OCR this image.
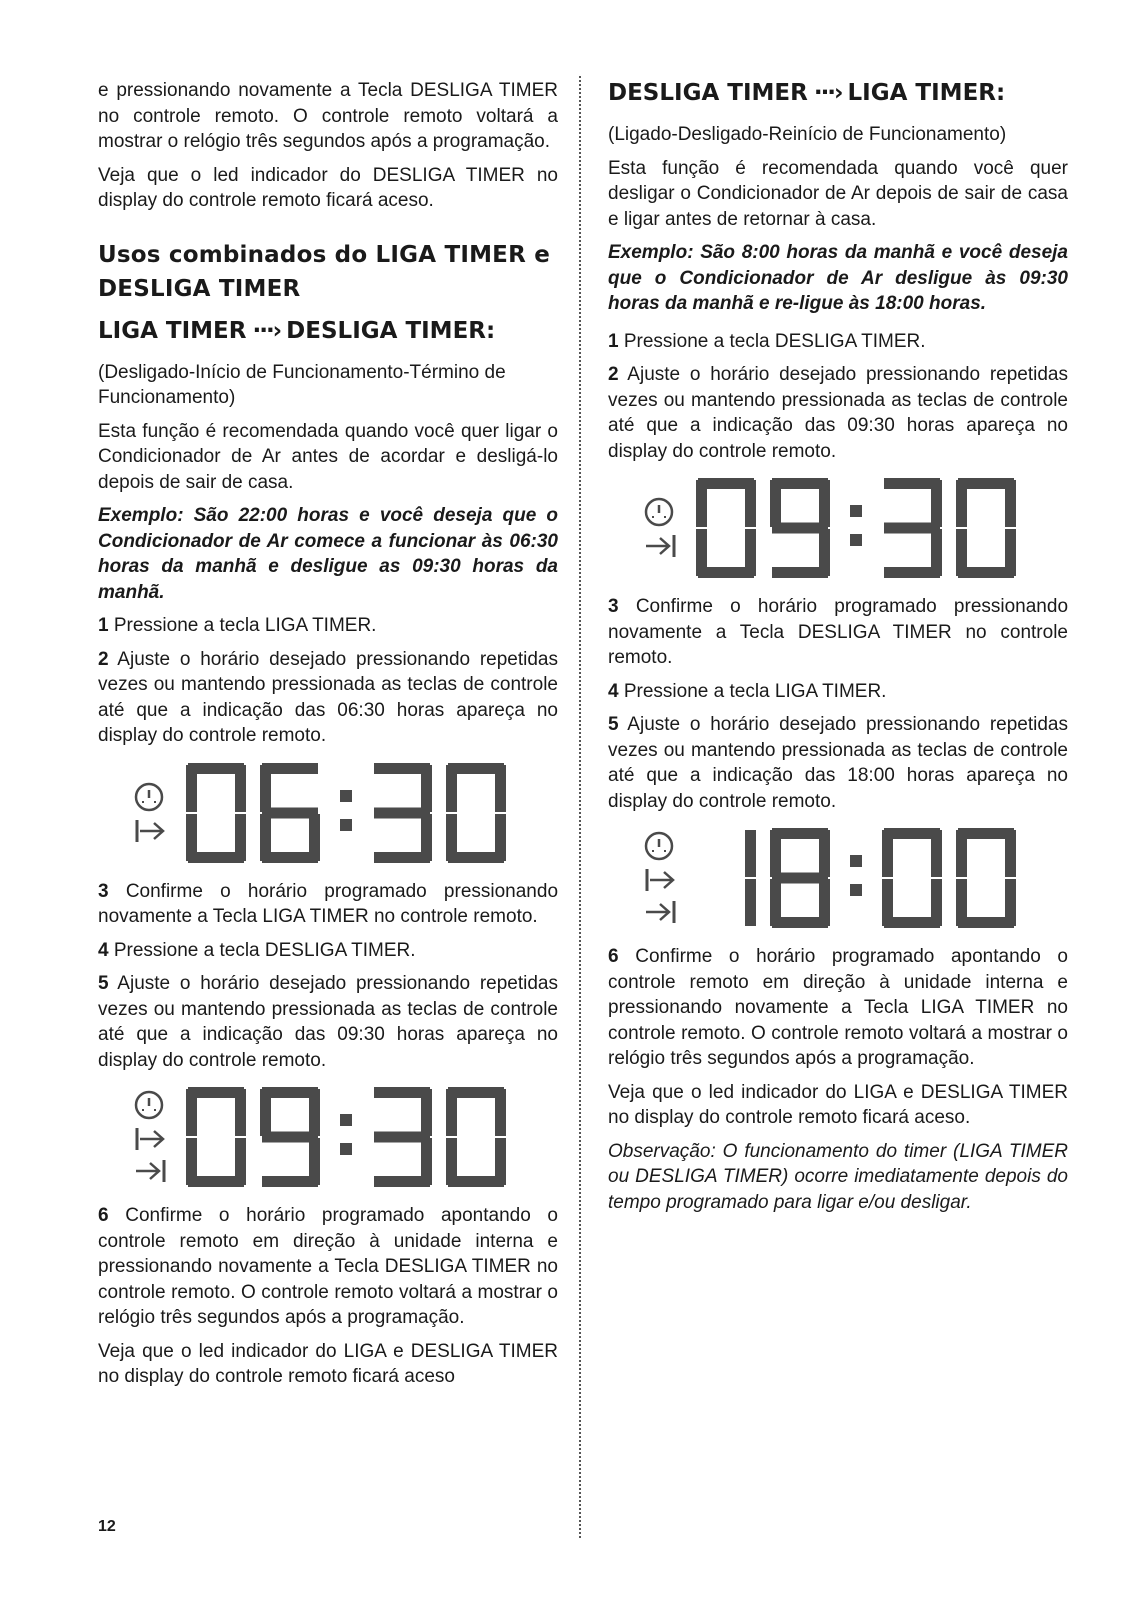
e pressionando novamente a Tecla DESLIGA TIMER no controle remoto. O controle remoto voltará a mostrar o relógio três segundos após a programação.

Veja que o led indicador do DESLIGA TIMER no display do controle remoto ficará aceso.

Usos combinados do LIGA TIMER e DESLIGA TIMER
LIGA TIMER ···› DESLIGA TIMER:

(Desligado-Início de Funcionamento-Término de Funcionamento)

Esta função é recomendada quando você quer ligar o Condicionador de Ar antes de acordar e desligá-lo depois de sair de casa.

Exemplo: São 22:00 horas e você deseja que o Condicionador de Ar comece a funcionar às 06:30 horas da manhã e desligue as 09:30 horas da manhã.

1 Pressione a tecla LIGA TIMER.

2 Ajuste o horário desejado pressionando repetidas vezes ou mantendo pressionada as teclas de controle até que a indicação das 06:30 horas apareça no display do controle remoto.

3 Confirme o horário programado pressionando novamente a Tecla LIGA TIMER no controle remoto.

4 Pressione a tecla DESLIGA TIMER.

5 Ajuste o horário desejado pressionando repetidas vezes ou mantendo pressionada as teclas de controle até que a indicação das 09:30 horas apareça no display do controle remoto.

6 Confirme o horário programado apontando o controle remoto em direção à unidade interna e pressionando novamente a Tecla DESLIGA TIMER no controle remoto. O controle remoto voltará a mostrar o relógio três segundos após a programação.

Veja que o led indicador do LIGA e DESLIGA TIMER no display do controle remoto ficará aceso

DESLIGA TIMER ···› LIGA TIMER:

(Ligado-Desligado-Reinício de Funcionamento)

Esta função é recomendada quando você quer desligar o Condicionador de Ar depois de sair de casa e ligar antes de retornar à casa.

Exemplo: São 8:00 horas da manhã e você deseja que o Condicionador de Ar desligue às 09:30 horas da manhã e re-ligue às 18:00 horas.

1 Pressione a tecla DESLIGA TIMER.

2 Ajuste o horário desejado pressionando repetidas vezes ou mantendo pressionada as teclas de controle até que a indicação das 09:30 horas apareça no display do controle remoto.

3 Confirme o horário programado pressionando novamente a Tecla DESLIGA TIMER no controle remoto.

4 Pressione a tecla LIGA TIMER.

5 Ajuste o horário desejado pressionando repetidas vezes ou mantendo pressionada as teclas de controle até que a indicação das 18:00 horas apareça no display do controle remoto.

6 Confirme o horário programado apontando o controle remoto em direção à unidade interna e pressionando novamente a Tecla LIGA TIMER no controle remoto. O controle remoto voltará a mostrar o relógio três segundos após a programação.

Veja que o led indicador do LIGA e DESLIGA TIMER no display do controle remoto ficará aceso.

Observação: O funcionamento do timer (LIGA TIMER ou DESLIGA TIMER) ocorre imediatamente depois do tempo programado para ligar e/ou desligar.

12
